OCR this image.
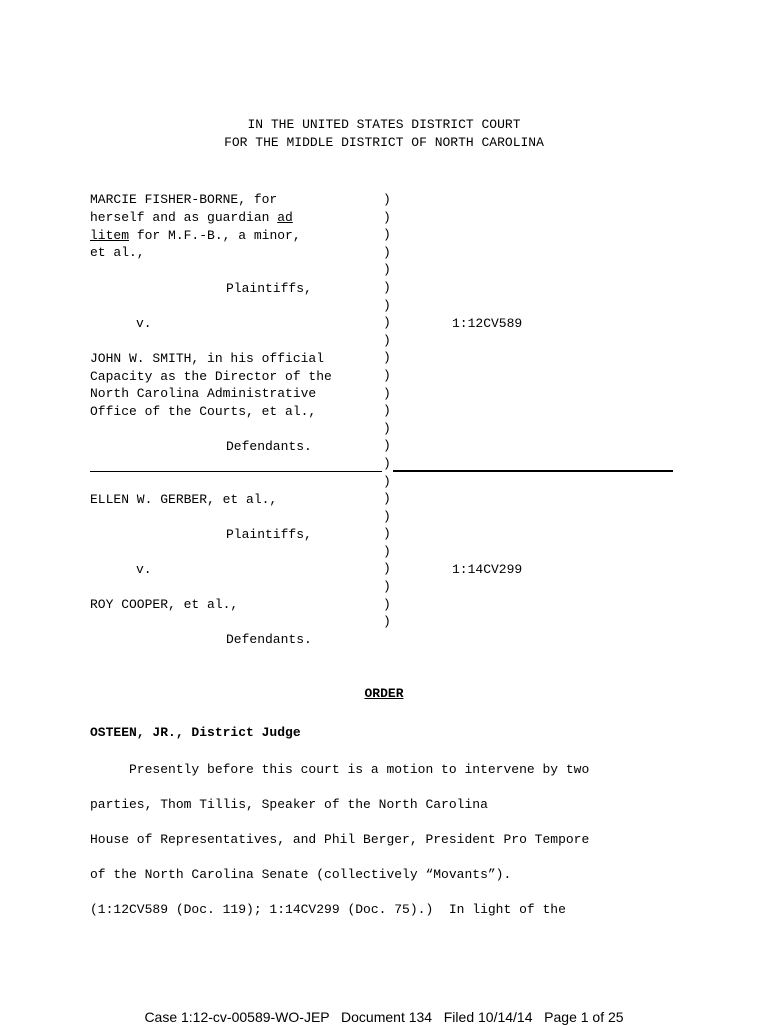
IN THE UNITED STATES DISTRICT COURT
FOR THE MIDDLE DISTRICT OF NORTH CAROLINA
MARCIE FISHER-BORNE, for
herself and as guardian ad
litem for M.F.-B., a minor,
et al.,
Plaintiffs,
v.	1:12CV589
JOHN W. SMITH, in his official
Capacity as the Director of the
North Carolina Administrative
Office of the Courts, et al.,
Defendants.
ELLEN W. GERBER, et al.,
Plaintiffs,
v.	1:14CV299
ROY COOPER, et al.,
Defendants.
)
)
)
)
)
)
)
)
)
)
)
)
)
)
)
)
)
)
)
)
)
)
)
)
)
ORDER
OSTEEN, JR., District Judge
Presently before this court is a motion to intervene by two
parties, Thom Tillis, Speaker of the North Carolina
House of Representatives, and Phil Berger, President Pro Tempore
of the North Carolina Senate (collectively “Movants”).
(1:12CV589 (Doc. 119); 1:14CV299 (Doc. 75).)  In light of the
Case 1:12-cv-00589-WO-JEP   Document 134   Filed 10/14/14   Page 1 of 25
